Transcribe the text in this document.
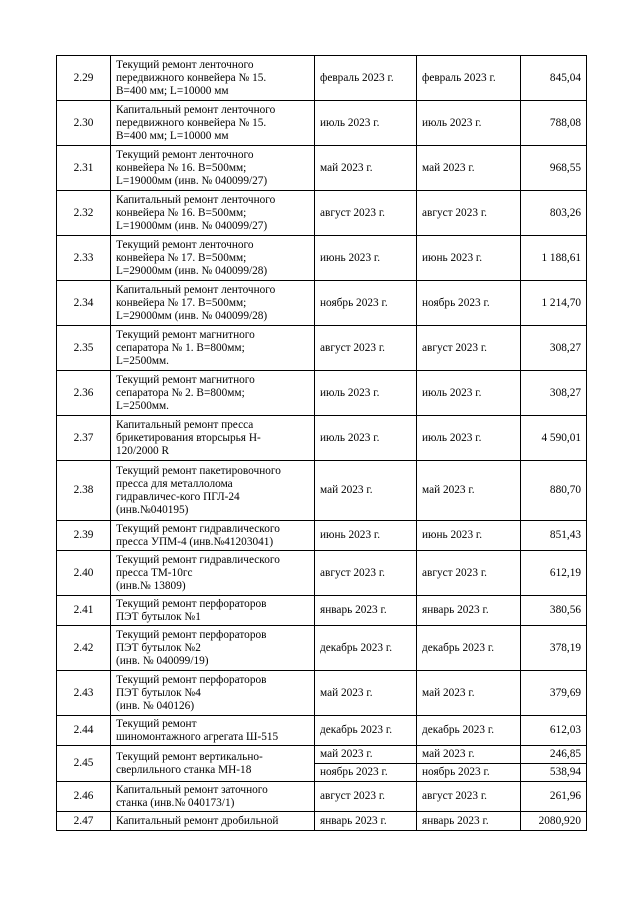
2.29	Текущий ремонт ленточного
передвижного конвейера № 15.
В=400 мм; L=10000 мм	февраль 2023 г.	февраль 2023 г.	845,04
2.30	Капитальный ремонт ленточного
передвижного конвейера № 15.
В=400 мм; L=10000 мм	июль 2023 г.	июль 2023 г.	788,08
2.31	Текущий ремонт ленточного
конвейера № 16. В=500мм;
L=19000мм (инв. № 040099/27)	май 2023 г.	май 2023 г.	968,55
2.32	Капитальный ремонт ленточного
конвейера № 16. В=500мм;
L=19000мм (инв. № 040099/27)	август 2023 г.	август 2023 г.	803,26
2.33	Текущий ремонт ленточного
конвейера № 17. В=500мм;
L=29000мм (инв. № 040099/28)	июнь 2023 г.	июнь 2023 г.	1 188,61
2.34	Капитальный ремонт ленточного
конвейера № 17. В=500мм;
L=29000мм (инв. № 040099/28)	ноябрь 2023 г.	ноябрь 2023 г.	1 214,70
2.35	Текущий ремонт магнитного
сепаратора № 1. В=800мм;
L=2500мм.	август 2023 г.	август 2023 г.	308,27
2.36	Текущий ремонт магнитного
сепаратора № 2. В=800мм;
L=2500мм.	июль 2023 г.	июль 2023 г.	308,27
2.37	Капитальный ремонт пресса
брикетирования вторсырья Н-
120/2000 R	июль 2023 г.	июль 2023 г.	4 590,01
2.38	Текущий ремонт пакетировочного
пресса для металлолома
гидравличес-кого ПГЛ-24
(инв.№040195)	май 2023 г.	май 2023 г.	880,70
2.39	Текущий ремонт гидравлического
пресса УПМ-4 (инв.№41203041)	июнь 2023 г.	июнь 2023 г.	851,43
2.40	Текущий ремонт гидравлического
пресса ТМ-10гс
(инв.№ 13809)	август 2023 г.	август 2023 г.	612,19
2.41	Текущий ремонт перфораторов
ПЭТ бутылок №1	январь 2023 г.	январь 2023 г.	380,56
2.42	Текущий ремонт перфораторов
ПЭТ бутылок №2
(инв. № 040099/19)	декабрь 2023 г.	декабрь 2023 г.	378,19
2.43	Текущий ремонт перфораторов
ПЭТ бутылок №4
(инв. № 040126)	май 2023 г.	май 2023 г.	379,69
2.44	Текущий ремонт
шиномонтажного агрегата Ш-515	декабрь 2023 г.	декабрь 2023 г.	612,03
2.45	Текущий ремонт вертикально-
сверлильного станка МН-18	май 2023 г.	май 2023 г.	246,85
		ноябрь 2023 г.	ноябрь 2023 г.	538,94
2.46	Капитальный ремонт заточного
станка (инв.№ 040173/1)	август 2023 г.	август 2023 г.	261,96
2.47	Капитальный ремонт дробильной	январь 2023 г.	январь 2023 г.	2080,920
